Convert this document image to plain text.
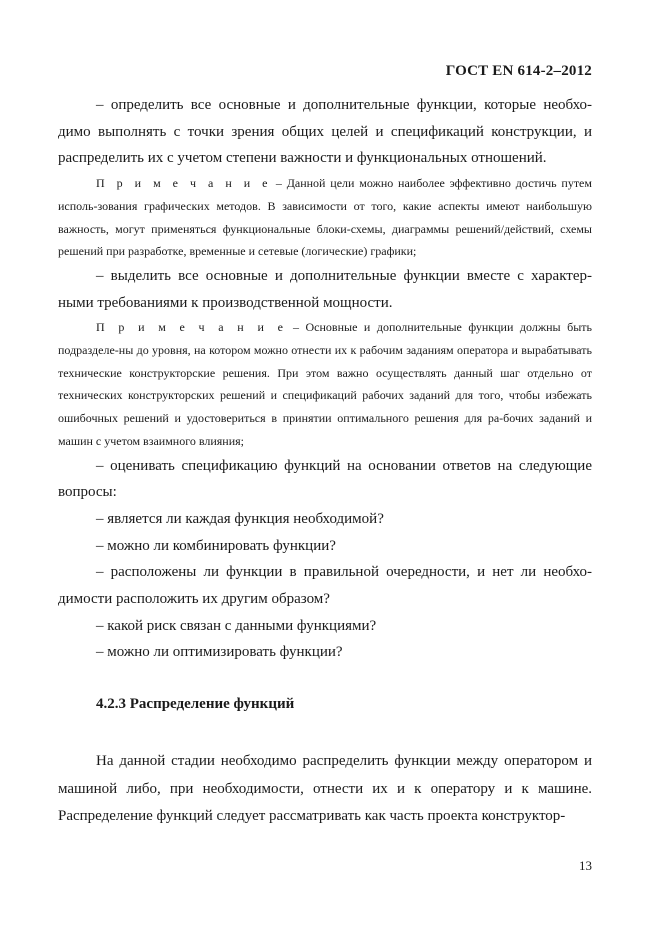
ГОСТ EN 614-2–2012

– определить все основные и дополнительные функции, которые необхо-димо выполнять с точки зрения общих целей и спецификаций конструкции, и распределить их с учетом степени важности и функциональных отношений.

П р и м е ч а н и е – Данной цели можно наиболее эффективно достичь путем исполь-зования графических методов. В зависимости от того, какие аспекты имеют наибольшую важность, могут применяться функциональные блоки-схемы, диаграммы решений/действий, схемы решений при разработке, временные и сетевые (логические) графики;

– выделить все основные и дополнительные функции вместе с характер-ными требованиями к производственной мощности.

П р и м е ч а н и е – Основные и дополнительные функции должны быть подразделе-ны до уровня, на котором можно отнести их к рабочим заданиям оператора и вырабатывать технические конструкторские решения. При этом важно осуществлять данный шаг отдельно от технических конструкторских решений и спецификаций рабочих заданий для того, чтобы избежать ошибочных решений и удостовериться в принятии оптимального решения для ра-бочих заданий и машин с учетом взаимного влияния;

– оценивать спецификацию функций на основании ответов на следующие вопросы:

– является ли каждая функция необходимой?

– можно ли комбинировать функции?

– расположены ли функции в правильной очередности, и нет ли необхо-димости расположить их другим образом?

– какой риск связан с данными функциями?

– можно ли оптимизировать функции?

4.2.3 Распределение функций

На данной стадии необходимо распределить функции между оператором и машиной либо, при необходимости, отнести их и к оператору и к машине. Распределение функций следует рассматривать как часть проекта конструктор-

13
